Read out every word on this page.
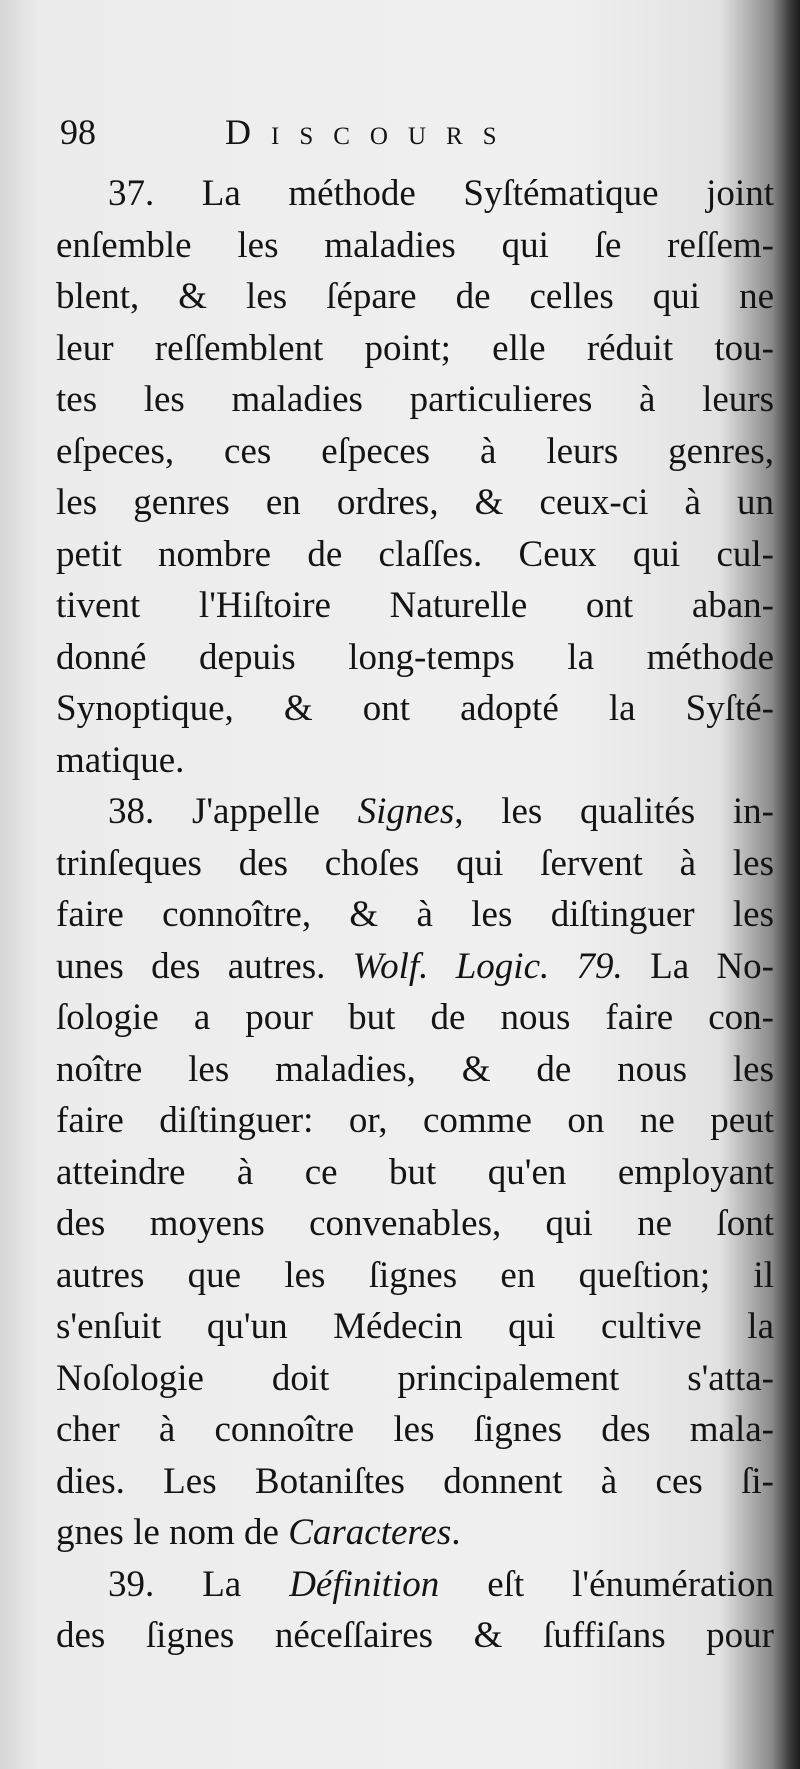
98	Discours
37. La méthode Syſtématique joint
enſemble les maladies qui ſe reſſem-
blent, & les ſépare de celles qui ne
leur reſſemblent point; elle réduit tou-
tes les maladies particulieres à leurs
eſpeces, ces eſpeces à leurs genres,
les genres en ordres, & ceux-ci à un
petit nombre de claſſes. Ceux qui cul-
tivent l'Hiſtoire Naturelle ont aban-
donné depuis long-temps la méthode
Synoptique, & ont adopté la Syſté-
matique.
38. J'appelle Signes, les qualités in-
trinſeques des choſes qui ſervent à les
faire connoître, & à les diſtinguer les
unes des autres. Wolf. Logic. 79. La No-
ſologie a pour but de nous faire con-
noître les maladies, & de nous les
faire diſtinguer: or, comme on ne peut
atteindre à ce but qu'en employant
des moyens convenables, qui ne ſont
autres que les ſignes en queſtion; il
s'enſuit qu'un Médecin qui cultive la
Noſologie doit principalement s'atta-
cher à connoître les ſignes des mala-
dies. Les Botaniſtes donnent à ces ſi-
gnes le nom de Caracteres.
39. La Définition eſt l'énumération
des ſignes néceſſaires & ſuffiſans pour
